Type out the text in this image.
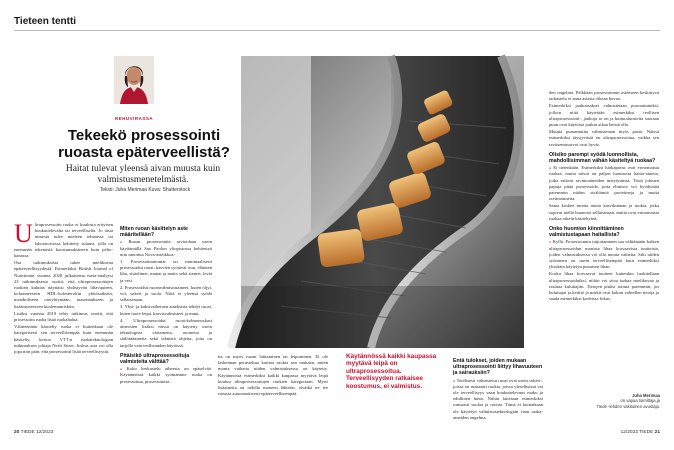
Tieteen tentti
REHUVIRASSA
Tekeekö prosessointi ruoasta epäterveellistä?
Haitat tulevat yleensä aivan muusta kuin valmistusmenetelmästä.
Teksti: Juha Merimaa Kuva: Shutterstock
U ltraprosessoitu ruoka ei kuulosta erityisen houkuttelevalta tai terveelliseltä. Jo tästä nimestä tulee mieleen tehtaassa tai laboratoriossa kehitetty sulausi, jolla on enemmän tekemistä koostumuksineen kuin pelto-kanassa.

Osa tutkimuksista tukee mielikuvaa epäterveellisyydestä. Esimerkiksi British Journal of Nutritionin vuonna 2020 julkaisema meta-analyysi 23 tutkimuksesta osoitti, että ultraprosessoitujen ruokien kulutus näyttäisi yhdistyvän lihavuuteen, kohonneeseen HDL-kolesteroliin yhtiösaiksiin, metaboliseen oireyhtymään, masennukseen ja lisääntyneeseen kuolemanriskiin.

Lisäksi vuonna 2019 tehty tutkimus osoitti, että prosessoitu ruoka lisää ruokahalua.

Välineenään käsitelty ruoka ei kuitenkaan ole kategorisesti sen terveellisempää kuin enemmän käsitelty, kertoo VTT:n ruokateknologian tutkimuksen johtaja Nesli Sözer. Joskus asia voi olla jopa niin päin, että prosessointi lisää terveellisyyttä.

Miten ruoan käsittelyn aste määritellään?

» Ruoan prosessointia arvioidaan usein käyttämällä Sao Paolon yliopistossa kehitettyä niin sanottua Nova-asteikkoa:

1. Prosessoimattomat tai minimaalisesti prosessoidut ruoat: kasvien syötävät osat, eläinten liha, sisäelimet, munat ja maito sekä siemet, levät ja vesi.

2. Prosessoidut ruoanvalmistusaineet, kuten öljyt, voi, sokeri ja suola. Niitä ei yleensä syödä sellaisenaan.

3. Yksi- ja kaksivaiheinen aineksista tehdyt ruoat, kuten tuore leipä, kasvisvalmisteet ja muut.

4. Ultraprosessoidut ruoat-kolmonoskasi aineosien lisäksi niissä on käytetty usein teknologisia väriaineita, aromeita ja säilöntäaineita sekä teknisiä ohjeita, joita on tarjolla vain teollisuuden käytössä.

Pitäisikö ultraprosessoituja valmisteita välttää?

» Koko keskustelu aiheesta on epäselvää. Käytännössä kaikki syömämme ruoka on prosessoitua, prosessointia...

tia on myös ruoan laittaminen tai leipominen. Ei ole laskennan perusteltua karttaa ruokia sen mukaan, miten monta vaihetta niiden valmistuksessa on käytetty. Käytännössä esimerkiksi kaikki kaupassa myytävä leipä kuuluu ultraprosessoitujen ruokien kategoriaan. Myös lisäaineita on todella moneen lähtöön, eivätkä ne tee ruoasta automaattisesti epäterveellisempää.

Käytännössä kaikki kaupassa myytävä leipä on ultraprosessoitua. Terveellisyyden ratkaisee koostumus, ei valmistus.
Entä tulokset, joiden mukaan ultraprosessointi liittyy lihavuuteen ja sairauksiin?

» Teollisesti valmistetut ruoat ovat usein sokeri-, joissa on runsaasti ruokia, joissa ylesellisissä vai ole terveellisyys vaan houkuttelevuus maku ja edullinen hinta. Niihin laitetaan esimerkiksi runsaasti suolaa ja rasvaa. Tämä ei kuitenkaan ole käytetyn valmistusteknologian vaan raaka-aineiden ongelma.

den ongelma. Pelkkään prosessoinnin asteeseen keskittyvä tarkastelu ei anna asiasta oikeaa kuvaa.

Esimerkiksi jauhonsakset valmistetaan puronutumiksi, jolloin niitä käytetään esimerkiksi teollisen ultraprosessointi-, jauhoja se on ja kuitutaluosteita suoraan puun ovat käytössä jonkin aikaa heistä olla.

Muutta puruamuitta valmistetaan myös pasta. Näissä esimerkiksi täysjyvästä on ultraprosessoitua, vaikka sen ravitsemusarvot ovat hyvät.

Olisiko parempi syödä luonnollista, mahdollisimman vähän käsiteltyä ruokaa?

» Ei tietenkään. Esimerkiksi härkäpavut ovat erinomaista ruokaa, mutta niissä on paljon luonnosta haitta-aineita, jotka estävät ravintoaineiden imeytymistä. Tästä johtuen papuja pitää prosessoida, jotta elimistö voi hyödyntää paremmin niiden sisältämiä proteiineja ja muita ravintoaineita.

Sama koskee monia muita kasvikunnan ja ruokia, jotka sopivat niellä huonosti sellaisinaan, mutta ovat erinomaista ruokaa oikein käsiteltyinä.

Onko huomion kiinnittäminen valmistustapaan haitallista?

» Kyllä. Prosessoinnin tuijottaminen saa välttämään kaiken ultraprosessoidun monista lihaa korvaavista tuotteista, joiden valmistuksessa voi olla monta vaihetta. Silti niiden syöminen on usein terveellisempää kuin esimerkiksi yksittäin käytetyn punaisen lihan.

Koska lihaa korvaavat tuotteet kuitenkin luokitellaan ultraprosessoiduiksi, niihin voi sitoa turhaa mielikuvaa ja rasittaa kuluttajiin. Tietojen pitäisi toimia paremmin, jos kuluttajat ja keittiö ja mirkit ovat kokon valitellen tietoja ja saada esimerkiksi kodeissa fokus.

Juha Merimaa
on vapaa toimittaja ja
Tiede -lehden vakituinen avustaja.
20 TIEDE 12/2023	12/2023 TIEDE 21
